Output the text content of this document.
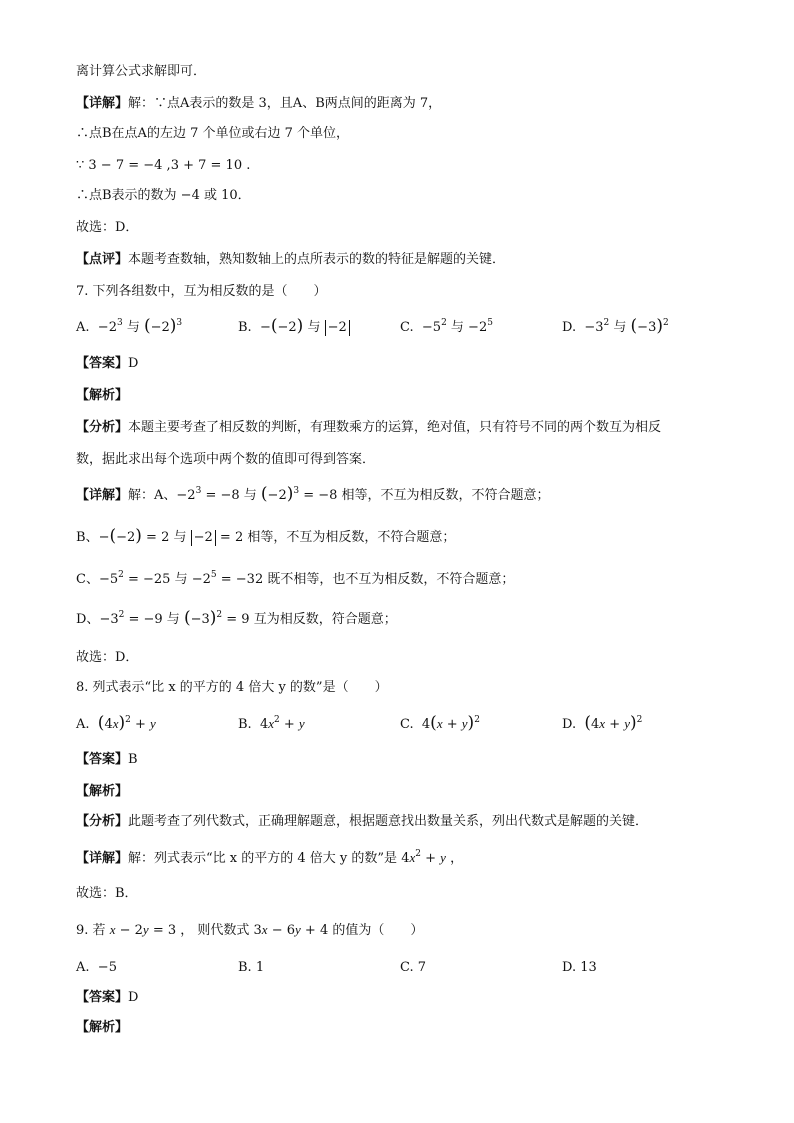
离计算公式求解即可．
【详解】解：∵点A表示的数是 3，且A、B两点间的距离为 7，
∴点B在点A的左边 7 个单位或右边 7 个单位，
∵ 3 − 7 = −4 ,3 + 7 = 10 .
∴点B表示的数为 −4 或 10．
故选：D．
【点评】本题考查数轴，熟知数轴上的点所表示的数的特征是解题的关键．
7. 下列各组数中，互为相反数的是（　　）
A.  $-2^3$ 与 $(-2)^3$	B.  −(−2) 与 −2	C.  $-5^2$ 与 $-2^5$	D.  $-3^2$ 与 $(-3)^2$
【答案】D
【解析】
【分析】本题主要考查了相反数的判断，有理数乘方的运算，绝对值，只有符号不同的两个数互为相反
数，据此求出每个选项中两个数的值即可得到答案．
【详解】解：A、$-2^3 = -8$ 与 $(-2)^3 = -8$ 相等，不互为相反数，不符合题意；
B、−(−2) = 2 与 −2 = 2 相等，不互为相反数，不符合题意；
C、$-5^2 = -25$ 与 $-2^5 = -32$ 既不相等，也不互为相反数，不符合题意；
D、$-3^2 = -9$ 与 $(-3)^2 = 9$ 互为相反数，符合题意；
故选：D．
8. 列式表示“比 x 的平方的 4 倍大 y 的数”是（　　）
A. $(4x)^2 + y$	B.  $4x^2 + y$	C.  $4(x + y)^2$	D. $(4x + y)^2$
【答案】B
【解析】
【分析】此题考查了列代数式，正确理解题意，根据题意找出数量关系，列出代数式是解题的关键．
【详解】解：列式表示“比 x 的平方的 4 倍大 y 的数”是 $4x^2 + y$ ，
故选：B．
9. 若 x − 2y = 3 ， 则代数式 3x − 6y + 4 的值为（　　）
A. −5	B. 1	C. 7	D. 13
【答案】D
【解析】
